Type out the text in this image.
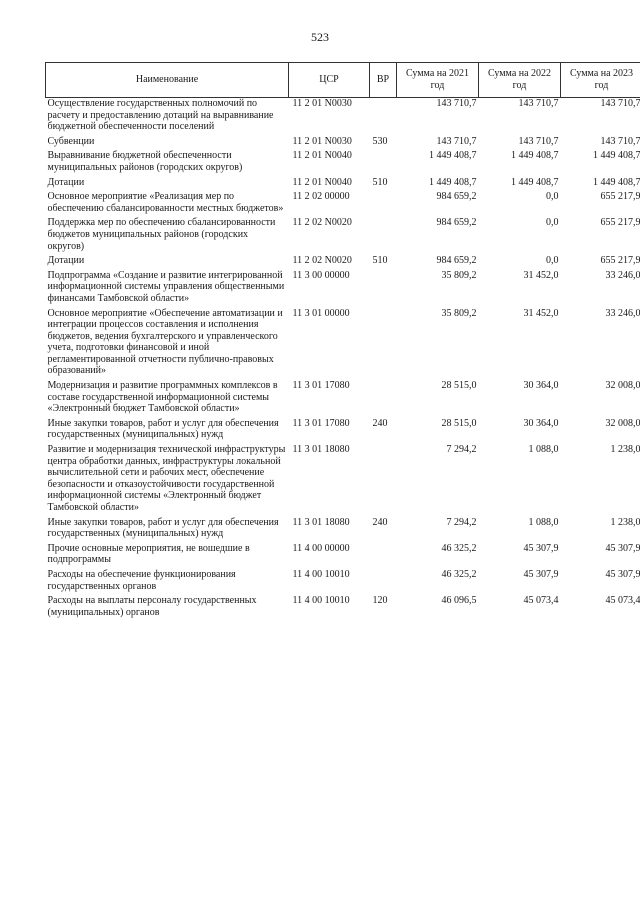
523
Наименование	ЦСР	ВР	Сумма на 2021 год	Сумма на 2022 год	Сумма на 2023 год
Осуществление государственных полномочий по расчету и предоставлению дотаций на выравнивание бюджетной обеспеченности поселений	11 2 01 N0030		143 710,7	143 710,7	143 710,7
Субвенции	11 2 01 N0030	530	143 710,7	143 710,7	143 710,7
Выравнивание бюджетной обеспеченности муниципальных районов (городских округов)	11 2 01 N0040		1 449 408,7	1 449 408,7	1 449 408,7
Дотации	11 2 01 N0040	510	1 449 408,7	1 449 408,7	1 449 408,7
Основное мероприятие «Реализация мер по обеспечению сбалансированности местных бюджетов»	11 2 02 00000		984 659,2	0,0	655 217,9
Поддержка мер по обеспечению сбалансированности бюджетов муниципальных районов (городских округов)	11 2 02 N0020		984 659,2	0,0	655 217,9
Дотации	11 2 02 N0020	510	984 659,2	0,0	655 217,9
Подпрограмма «Создание и развитие интегрированной информационной системы управления общественными финансами Тамбовской области»	11 3 00 00000		35 809,2	31 452,0	33 246,0
Основное мероприятие «Обеспечение автоматизации и интеграции процессов составления и исполнения бюджетов, ведения бухгалтерского и управленческого учета, подготовки финансовой и иной регламентированной отчетности публично-правовых образований»	11 3 01 00000		35 809,2	31 452,0	33 246,0
Модернизация и развитие программных комплексов в составе государственной информационной системы «Электронный бюджет Тамбовской области»	11 3 01 17080		28 515,0	30 364,0	32 008,0
Иные закупки товаров, работ и услуг для обеспечения государственных (муниципальных) нужд	11 3 01 17080	240	28 515,0	30 364,0	32 008,0
Развитие и модернизация технической инфраструктуры центра обработки данных, инфраструктуры локальной вычислительной сети и рабочих мест, обеспечение безопасности и отказоустойчивости государственной информационной системы «Электронный бюджет Тамбовской области»	11 3 01 18080		7 294,2	1 088,0	1 238,0
Иные закупки товаров, работ и услуг для обеспечения государственных (муниципальных) нужд	11 3 01 18080	240	7 294,2	1 088,0	1 238,0
Прочие основные мероприятия, не вошедшие в подпрограммы	11 4 00 00000		46 325,2	45 307,9	45 307,9
Расходы на обеспечение функционирования государственных органов	11 4 00 10010		46 325,2	45 307,9	45 307,9
Расходы на выплаты персоналу государственных (муниципальных) органов	11 4 00 10010	120	46 096,5	45 073,4	45 073,4
